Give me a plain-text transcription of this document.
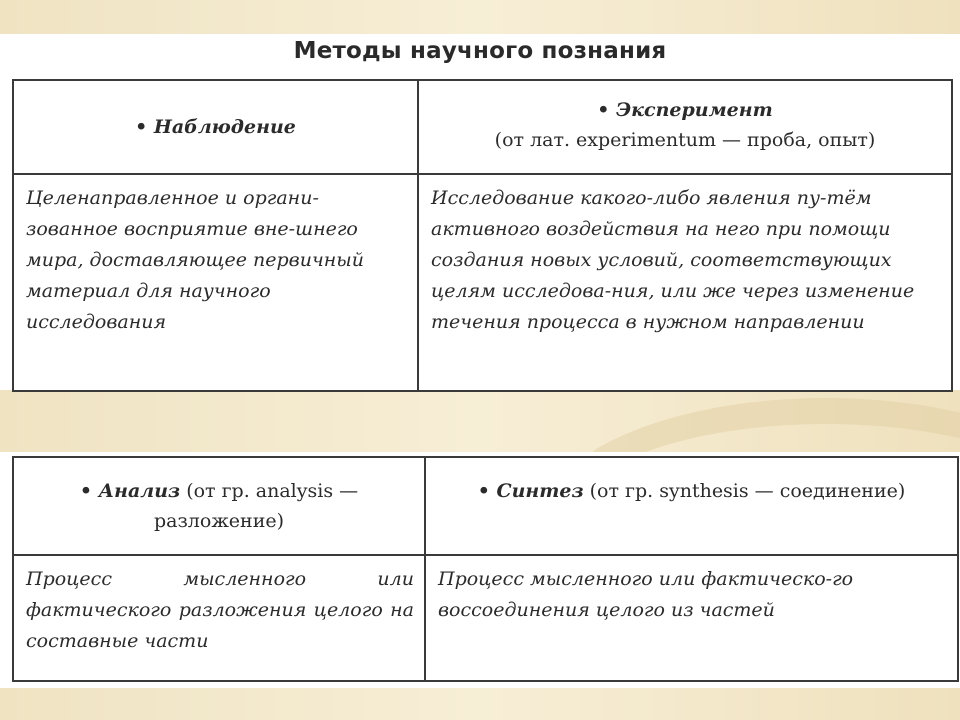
Методы научного познания
• Наблюдение	• Эксперимент
(от лат. experimentum — проба, опыт)

Целенаправленное и органи-зованное восприятие вне-шнего мира, доставляющее первичный материал для научного исследования	Исследование какого-либо явления пу-тём активного воздействия на него при помощи создания новых условий, соответствующих целям исследова-ния, или же через изменение течения процесса в нужном направлении
• Анализ (от гр. analysis — разложение)	• Синтез (от гр. synthesis — соединение)

Процесс мысленного или фактического разложения целого на составные части	Процесс мысленного или фактическо-го воссоединения целого из частей
